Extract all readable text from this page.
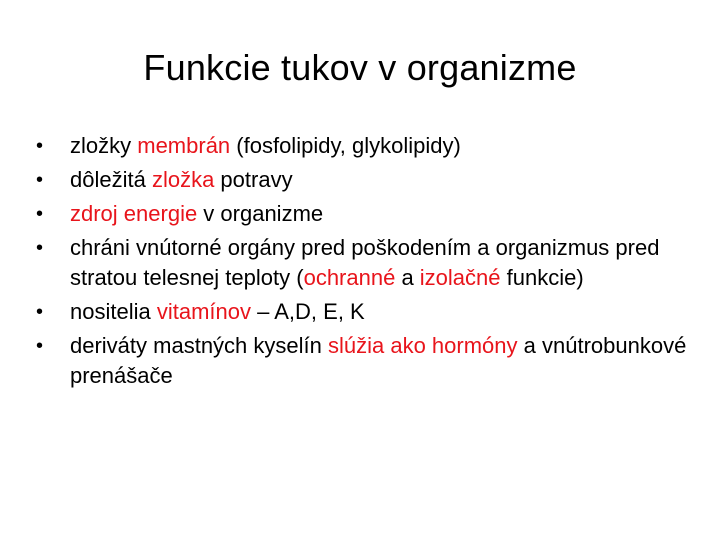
Funkcie tukov v organizme
• zložky membrán (fosfolipidy, glykolipidy)
• dôležitá zložka potravy
• zdroj energie v organizme
• chráni vnútorné orgány pred poškodením a organizmus pred stratou telesnej teploty (ochranné a izolačné funkcie)
• nositelia vitamínov – A,D, E, K
• deriváty mastných kyselín slúžia ako hormóny a vnútrobunkové prenášače
